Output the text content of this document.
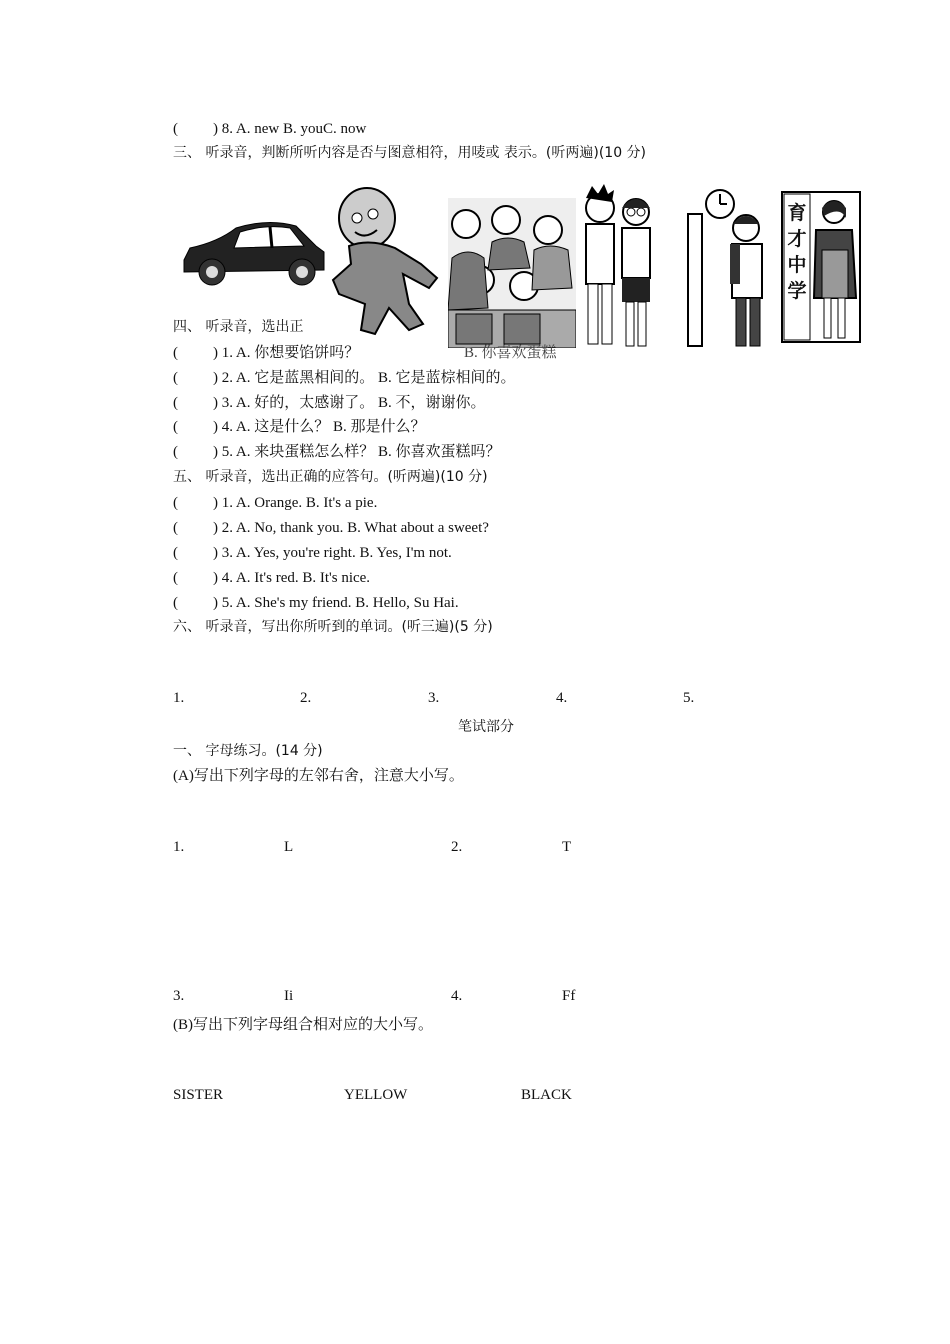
( ) 8. A. new B. youC. now
三、 听录音，判断所听内容是否与图意相符，用唛或 表示。(听两遍)(10 分)
育
才
中
学
四、 听录音，选出正
( ) 1. A. 你想要馅饼吗？	B. 你喜欢蛋糕
( ) 2. A. 它是蓝黑相间的。 B. 它是蓝棕相间的。
( ) 3. A. 好的，太感谢了。 B. 不，谢谢你。
( ) 4. A. 这是什么？ B. 那是什么？
( ) 5. A. 来块蛋糕怎么样？ B. 你喜欢蛋糕吗？
五、 听录音，选出正确的应答句。(听两遍)(10 分)
( ) 1. A. Orange. B. It's a pie.
( ) 2. A. No, thank you. B. What about a sweet?
( ) 3. A. Yes, you're right. B. Yes, I'm not.
( ) 4. A. It's red. B. It's nice.
( ) 5. A. She's my friend. B. Hello, Su Hai.
六、 听录音，写出你所听到的单词。(听三遍)(5 分)
1.	2.	3.	4.	5.
笔试部分
一、 字母练习。(14 分)
(A)写出下列字母的左邻右舍，注意大小写。
1.	L	2.	T
3.	Ii	4.	Ff
(B)写出下列字母组合相对应的大小写。
SISTER	YELLOW	BLACK
